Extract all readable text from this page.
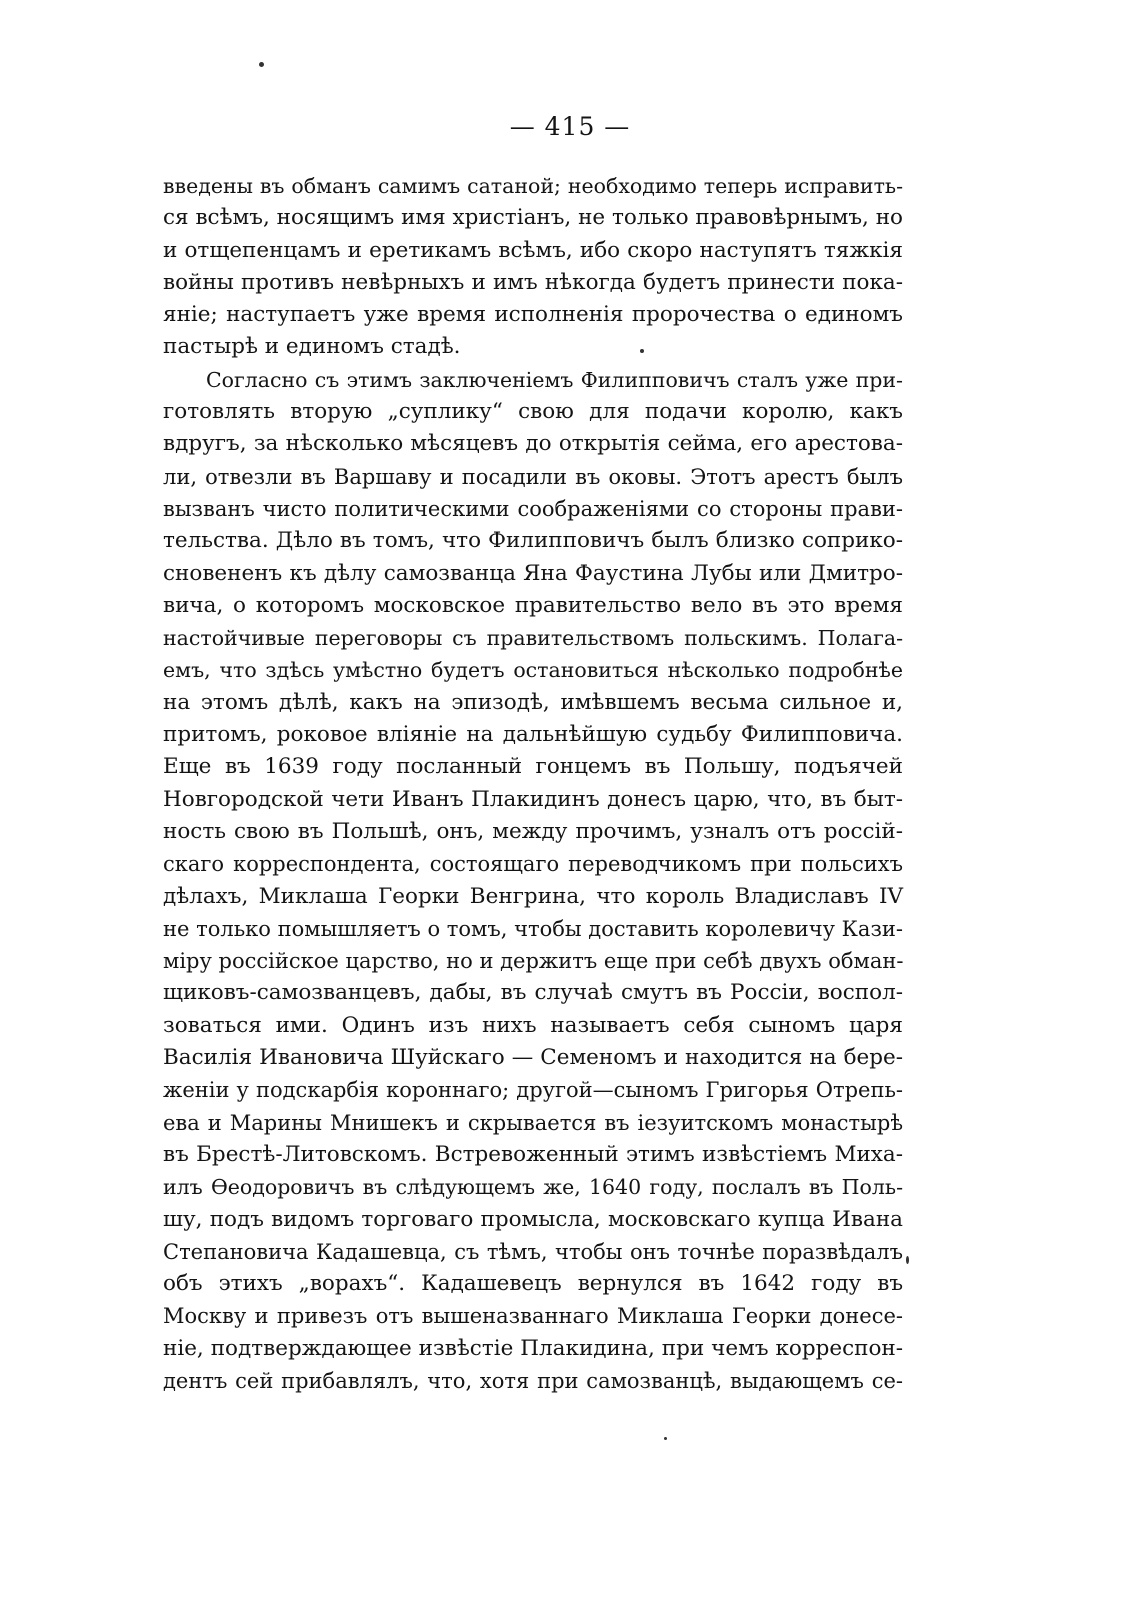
— 415 —
введены въ обманъ самимъ сатаной; необходимо теперь исправить-
ся всѣмъ, носящимъ имя христіанъ, не только правовѣрнымъ, но
и отщепенцамъ и еретикамъ всѣмъ, ибо скоро наступятъ тяжкія
войны противъ невѣрныхъ и имъ нѣкогда будетъ принести пока-
яніе; наступаетъ уже время исполненія пророчества о единомъ
пастырѣ и единомъ стадѣ.
Согласно съ этимъ заключеніемъ Филипповичъ сталъ уже при-
готовлять вторую „суплику“ свою для подачи королю, какъ
вдругъ, за нѣсколько мѣсяцевъ до открытія сейма, его арестова-
ли, отвезли въ Варшаву и посадили въ оковы. Этотъ арестъ былъ
вызванъ чисто политическими соображеніями со стороны прави-
тельства. Дѣло въ томъ, что Филипповичъ былъ близко соприко-
сновененъ къ дѣлу самозванца Яна Фаустина Лубы или Дмитро-
вича, о которомъ московское правительство вело въ это время
настойчивые переговоры съ правительствомъ польскимъ. Полага-
емъ, что здѣсь умѣстно будетъ остановиться нѣсколько подробнѣе
на этомъ дѣлѣ, какъ на эпизодѣ, имѣвшемъ весьма сильное и,
притомъ, роковое вліяніе на дальнѣйшую судьбу Филипповича.
Еще въ 1639 году посланный гонцемъ въ Польшу, подъячей
Новгородской чети Иванъ Плакидинъ донесъ царю, что, въ быт-
ность свою въ Польшѣ, онъ, между прочимъ, узналъ отъ россій-
скаго корреспондента, состоящаго переводчикомъ при польсихъ
дѣлахъ, Миклаша Георки Венгрина, что король Владиславъ IV
не только помышляетъ о томъ, чтобы доставить королевичу Кази-
міру россійское царство, но и держитъ еще при себѣ двухъ обман-
щиковъ-самозванцевъ, дабы, въ случаѣ смутъ въ Россіи, воспол-
зоваться ими. Одинъ изъ нихъ называетъ себя сыномъ царя
Василія Ивановича Шуйскаго — Семеномъ и находится на бере-
женіи у подскарбія короннаго; другой—сыномъ Григорья Отрепь-
ева и Марины Мнишекъ и скрывается въ іезуитскомъ монастырѣ
въ Брестѣ-Литовскомъ. Встревоженный этимъ извѣстіемъ Миха-
илъ Ѳеодоровичъ въ слѣдующемъ же, 1640 году, послалъ въ Поль-
шу, подъ видомъ торговаго промысла, московскаго купца Ивана
Степановича Кадашевца, съ тѣмъ, чтобы онъ точнѣе поразвѣдалъ
объ этихъ „ворахъ“. Кадашевецъ вернулся въ 1642 году въ
Москву и привезъ отъ вышеназваннаго Миклаша Георки донесе-
ніе, подтверждающее извѣстіе Плакидина, при чемъ корреспон-
дентъ сей прибавлялъ, что, хотя при самозванцѣ, выдающемъ се-
